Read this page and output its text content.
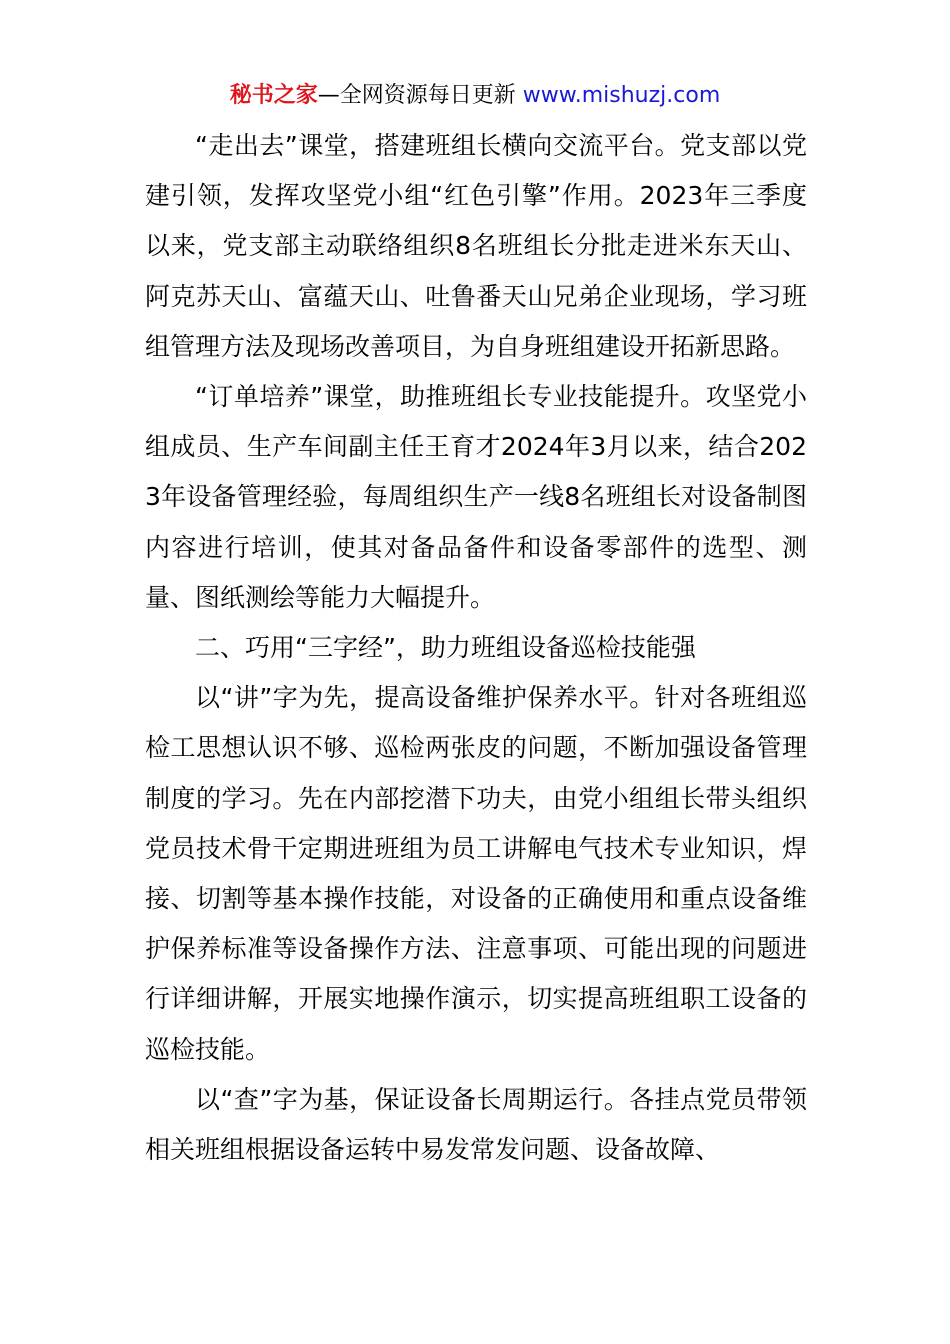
秘书之家—全网资源每日更新 www.mishuzj.com

“走出去”课堂，搭建班组长横向交流平台。党支部以党建引领，发挥攻坚党小组“红色引擎”作用。2023年三季度以来，党支部主动联络组织8名班组长分批走进米东天山、阿克苏天山、富蕴天山、吐鲁番天山兄弟企业现场，学习班组管理方法及现场改善项目，为自身班组建设开拓新思路。

“订单培养”课堂，助推班组长专业技能提升。攻坚党小组成员、生产车间副主任王育才2024年3月以来，结合2023年设备管理经验，每周组织生产一线8名班组长对设备制图内容进行培训，使其对备品备件和设备零部件的选型、测量、图纸测绘等能力大幅提升。

二、巧用“三字经”，助力班组设备巡检技能强

以“讲”字为先，提高设备维护保养水平。针对各班组巡检工思想认识不够、巡检两张皮的问题，不断加强设备管理制度的学习。先在内部挖潜下功夫，由党小组组长带头组织党员技术骨干定期进班组为员工讲解电气技术专业知识，焊接、切割等基本操作技能，对设备的正确使用和重点设备维护保养标准等设备操作方法、注意事项、可能出现的问题进行详细讲解，开展实地操作演示，切实提高班组职工设备的巡检技能。

以“查”字为基，保证设备长周期运行。各挂点党员带领相关班组根据设备运转中易发常发问题、设备故障、
